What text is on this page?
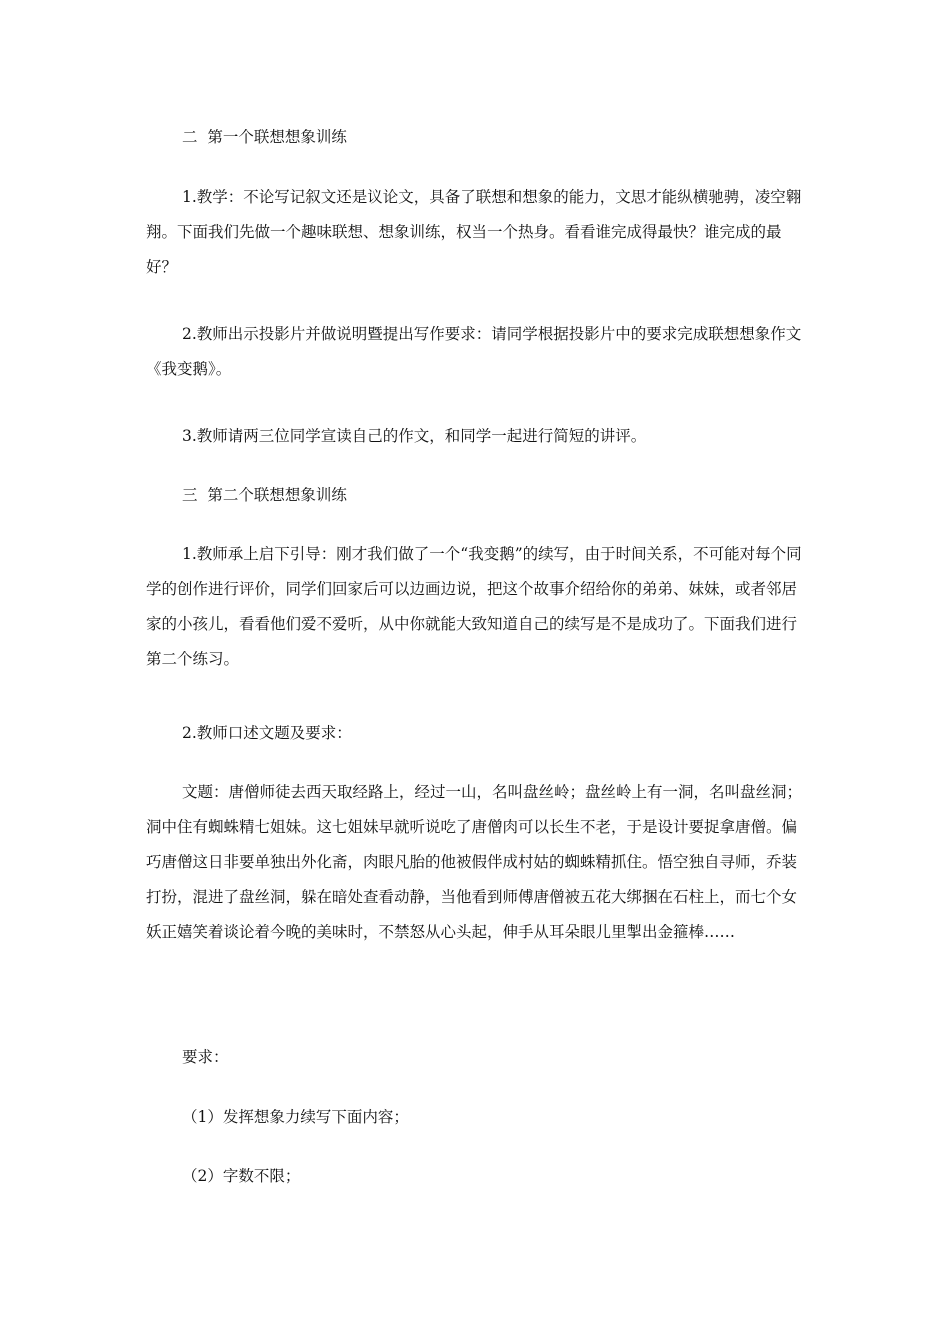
二  第一个联想想象训练

1.教学：不论写记叙文还是议论文，具备了联想和想象的能力，文思才能纵横驰骋，凌空翱翔。下面我们先做一个趣味联想、想象训练，权当一个热身。看看谁完成得最快？谁完成的最好？

2.教师出示投影片并做说明暨提出写作要求：请同学根据投影片中的要求完成联想想象作文《我变鹅》。

3.教师请两三位同学宣读自己的作文，和同学一起进行简短的讲评。

三  第二个联想想象训练

1.教师承上启下引导：刚才我们做了一个“我变鹅”的续写，由于时间关系，不可能对每个同学的创作进行评价，同学们回家后可以边画边说，把这个故事介绍给你的弟弟、妹妹，或者邻居家的小孩儿，看看他们爱不爱听，从中你就能大致知道自己的续写是不是成功了。下面我们进行第二个练习。

2.教师口述文题及要求：

文题：唐僧师徒去西天取经路上，经过一山，名叫盘丝岭；盘丝岭上有一洞，名叫盘丝洞；洞中住有蜘蛛精七姐妹。这七姐妹早就听说吃了唐僧肉可以长生不老，于是设计要捉拿唐僧。偏巧唐僧这日非要单独出外化斋，肉眼凡胎的他被假伴成村姑的蜘蛛精抓住。悟空独自寻师，乔装打扮，混进了盘丝洞，躲在暗处查看动静，当他看到师傅唐僧被五花大绑捆在石柱上，而七个女妖正嬉笑着谈论着今晚的美味时，不禁怒从心头起，伸手从耳朵眼儿里掣出金箍棒……

要求：

（1）发挥想象力续写下面内容；

（2）字数不限；
